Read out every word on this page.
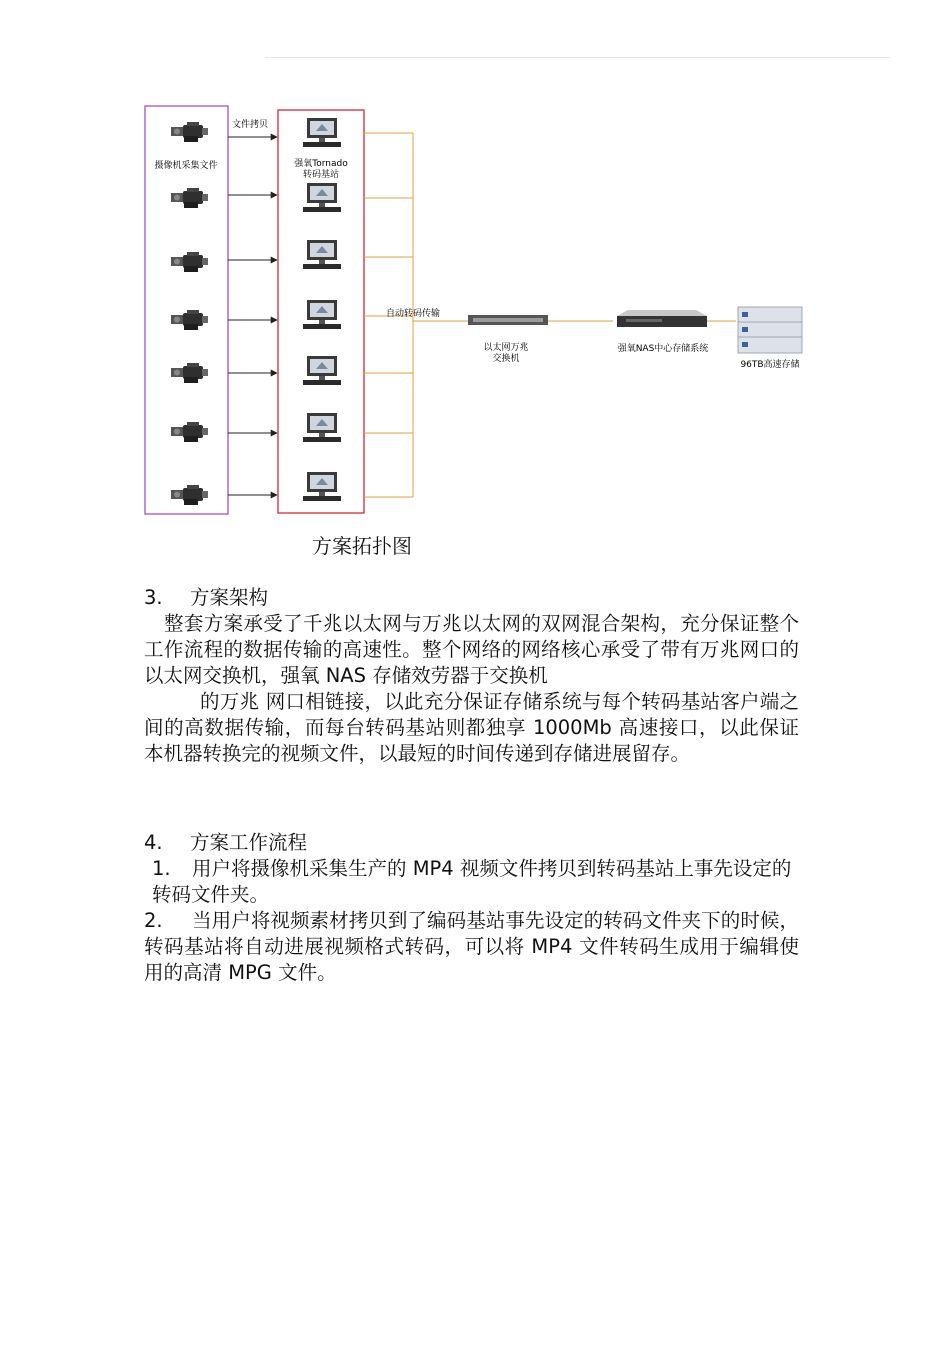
摄像机采集文件
文件拷贝
强氧Tornado
转码基站
自动转码传输
以太网万兆
交换机
强氧NAS中心存储系统
96TB高速存储
方案拓扑图
3. 方案架构

整套方案承受了千兆以太网与万兆以太网的双网混合架构，充分保证整个工作流程的数据传输的高速性。整个网络的网络核心承受了带有万兆网口的以太网交换机，强氧 NAS 存储效劳器于交换机

的万兆 网口相链接，以此充分保证存储系统与每个转码基站客户端之间的高数据传输，而每台转码基站则都独享 1000Mb 高速接口，以此保证本机器转换完的视频文件，以最短的时间传递到存储进展留存。

4. 方案工作流程

1. 用户将摄像机采集生产的 MP4 视频文件拷贝到转码基站上事先设定的转码文件夹。

2. 当用户将视频素材拷贝到了编码基站事先设定的转码文件夹下的时候，转码基站将自动进展视频格式转码，可以将 MP4 文件转码生成用于编辑使用的高清 MPG 文件。
